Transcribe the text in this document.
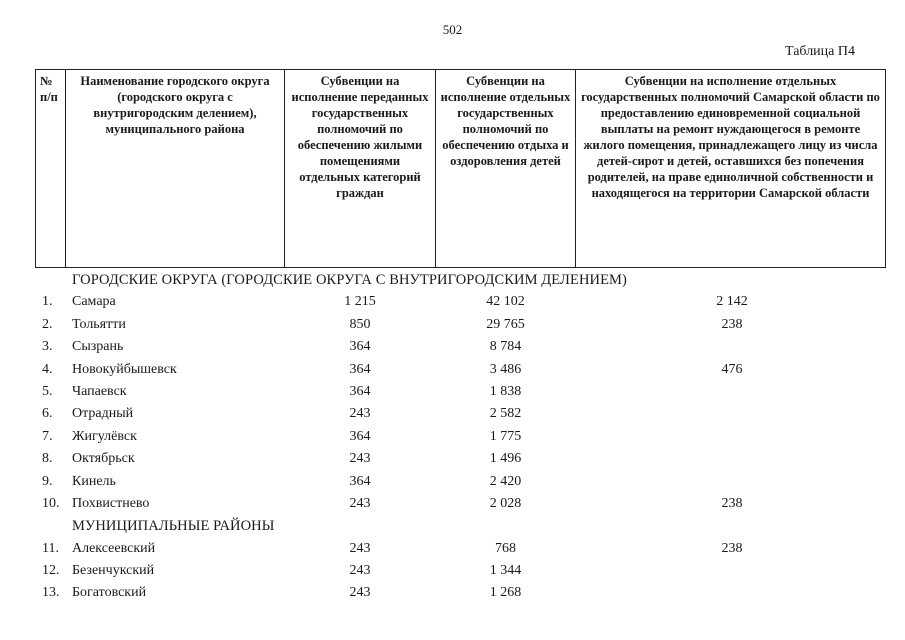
502
Таблица П4
№ п/п	Наименование городского округа (городского округа с внутригородским делением), муниципального района	Субвенции на исполнение переданных государственных полномочий по обеспечению жилыми помещениями отдельных категорий граждан	Субвенции на исполнение отдельных государственных полномочий по обеспечению отдыха и оздоровления детей	Субвенции на исполнение отдельных государственных полномочий Самарской области по предоставлению единовременной социальной выплаты на ремонт нуждающегося в ремонте жилого помещения, принадлежащего лицу из числа детей-сирот и детей, оставшихся без попечения родителей, на праве единоличной собственности и находящегося на территории Самарской области
ГОРОДСКИЕ ОКРУГА (ГОРОДСКИЕ ОКРУГА С ВНУТРИГОРОДСКИМ ДЕЛЕНИЕМ)
1. Самара	1 215	42 102	2 142
2. Тольятти	850	29 765	238
3. Сызрань	364	8 784
4. Новокуйбышевск	364	3 486	476
5. Чапаевск	364	1 838
6. Отрадный	243	2 582
7. Жигулёвск	364	1 775
8. Октябрьск	243	1 496
9. Кинель	364	2 420
10. Похвистнево	243	2 028	238
МУНИЦИПАЛЬНЫЕ РАЙОНЫ
11. Алексеевский	243	768	238
12. Безенчукский	243	1 344
13. Богатовский	243	1 268
